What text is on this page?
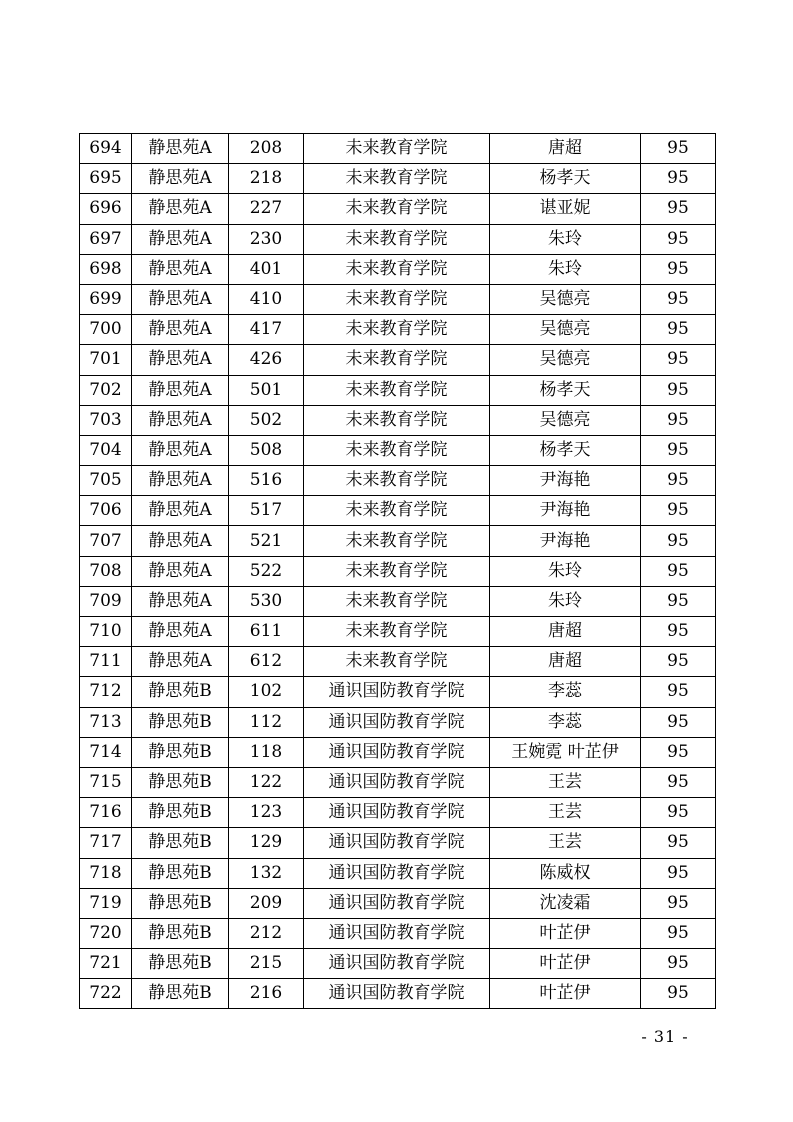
694	静思苑A	208	未来教育学院	唐超	95
695	静思苑A	218	未来教育学院	杨孝天	95
696	静思苑A	227	未来教育学院	谌亚妮	95
697	静思苑A	230	未来教育学院	朱玲	95
698	静思苑A	401	未来教育学院	朱玲	95
699	静思苑A	410	未来教育学院	吴德亮	95
700	静思苑A	417	未来教育学院	吴德亮	95
701	静思苑A	426	未来教育学院	吴德亮	95
702	静思苑A	501	未来教育学院	杨孝天	95
703	静思苑A	502	未来教育学院	吴德亮	95
704	静思苑A	508	未来教育学院	杨孝天	95
705	静思苑A	516	未来教育学院	尹海艳	95
706	静思苑A	517	未来教育学院	尹海艳	95
707	静思苑A	521	未来教育学院	尹海艳	95
708	静思苑A	522	未来教育学院	朱玲	95
709	静思苑A	530	未来教育学院	朱玲	95
710	静思苑A	611	未来教育学院	唐超	95
711	静思苑A	612	未来教育学院	唐超	95
712	静思苑B	102	通识国防教育学院	李蕊	95
713	静思苑B	112	通识国防教育学院	李蕊	95
714	静思苑B	118	通识国防教育学院	王婉霓 叶芷伊	95
715	静思苑B	122	通识国防教育学院	王芸	95
716	静思苑B	123	通识国防教育学院	王芸	95
717	静思苑B	129	通识国防教育学院	王芸	95
718	静思苑B	132	通识国防教育学院	陈威权	95
719	静思苑B	209	通识国防教育学院	沈凌霜	95
720	静思苑B	212	通识国防教育学院	叶芷伊	95
721	静思苑B	215	通识国防教育学院	叶芷伊	95
722	静思苑B	216	通识国防教育学院	叶芷伊	95
- 31 -
